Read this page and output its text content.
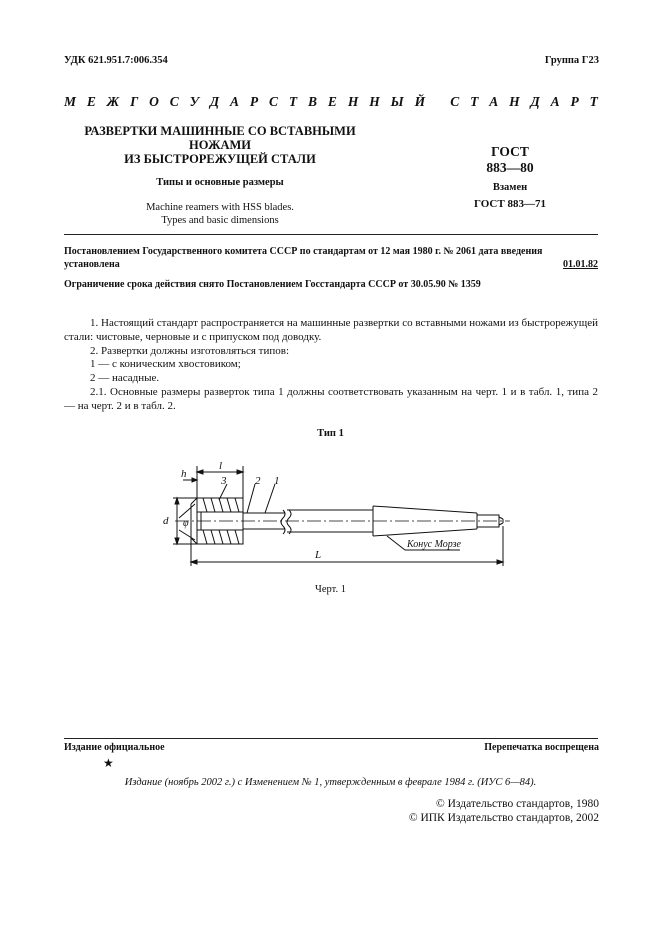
УДК 621.951.7:006.354	Группа Г23
М Е Ж Г О С У Д А Р С Т В Е Н Н Ы Й
С Т А Н Д А Р Т
РАЗВЕРТКИ МАШИННЫЕ СО ВСТАВНЫМИ НОЖАМИ
ИЗ БЫСТРОРЕЖУЩЕЙ СТАЛИ
Типы и основные размеры
Machine reamers with HSS blades.
Types and basic dimensions
ГОСТ
883—80
Взамен
ГОСТ 883—71
Постановлением Государственного комитета СССР по стандартам от 12 мая 1980 г. № 2061 дата введения
установлена	01.01.82
Ограничение срока действия снято Постановлением Госстандарта СССР от 30.05.90 № 1359

1. Настоящий стандарт распространяется на машинные развертки со вставными ножами из быстрорежущей стали: чистовые, черновые и с припуском под доводку.

2. Развертки должны изготовляться типов:

1 — с коническим хвостовиком;

2 — насадные.

2.1. Основные размеры разверток типа 1 должны соответствовать указанным на черт. 1 и в табл. 1, типа 2 — на черт. 2 и в табл. 2.

Тип 1
l
h
3	2 1
d φ
L
Конус Морзе
Черт. 1
Издание официальное	Перепечатка воспрещена
★
Издание (ноябрь 2002 г.) с Изменением № 1, утвержденным в феврале 1984 г. (ИУС 6—84).
© Издательство стандартов, 1980
© ИПК Издательство стандартов, 2002
